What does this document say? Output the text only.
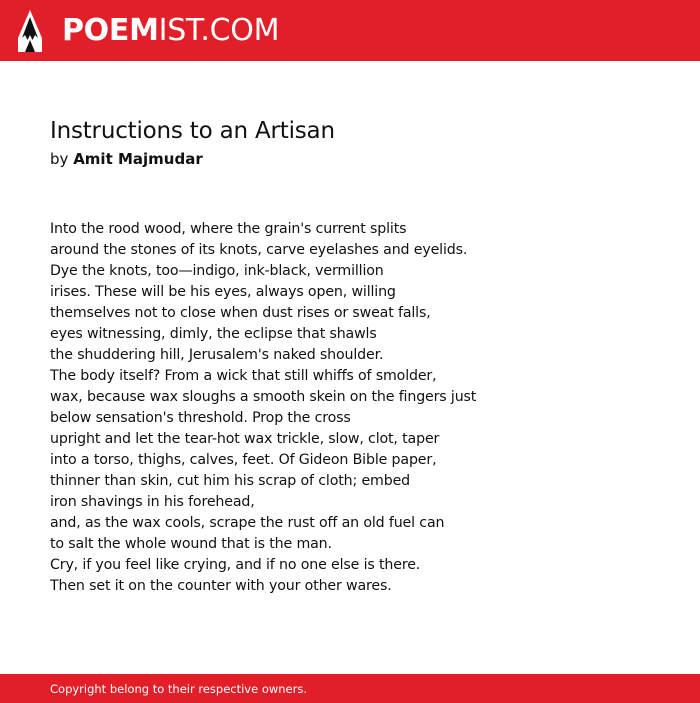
POEMIST.COM
Instructions to an Artisan
by Amit Majmudar
Into the rood wood, where the grain's current splits
around the stones of its knots, carve eyelashes and eyelids.
Dye the knots, too—indigo, ink-black, vermillion
irises. These will be his eyes, always open, willing
themselves not to close when dust rises or sweat falls,
eyes witnessing, dimly, the eclipse that shawls
the shuddering hill, Jerusalem's naked shoulder.
The body itself? From a wick that still whiffs of smolder,
wax, because wax sloughs a smooth skein on the fingers just
below sensation's threshold. Prop the cross
upright and let the tear-hot wax trickle, slow, clot, taper
into a torso, thighs, calves, feet. Of Gideon Bible paper,
thinner than skin, cut him his scrap of cloth; embed
iron shavings in his forehead,
and, as the wax cools, scrape the rust off an old fuel can
to salt the whole wound that is the man.
Cry, if you feel like crying, and if no one else is there.
Then set it on the counter with your other wares.
Copyright belong to their respective owners.
